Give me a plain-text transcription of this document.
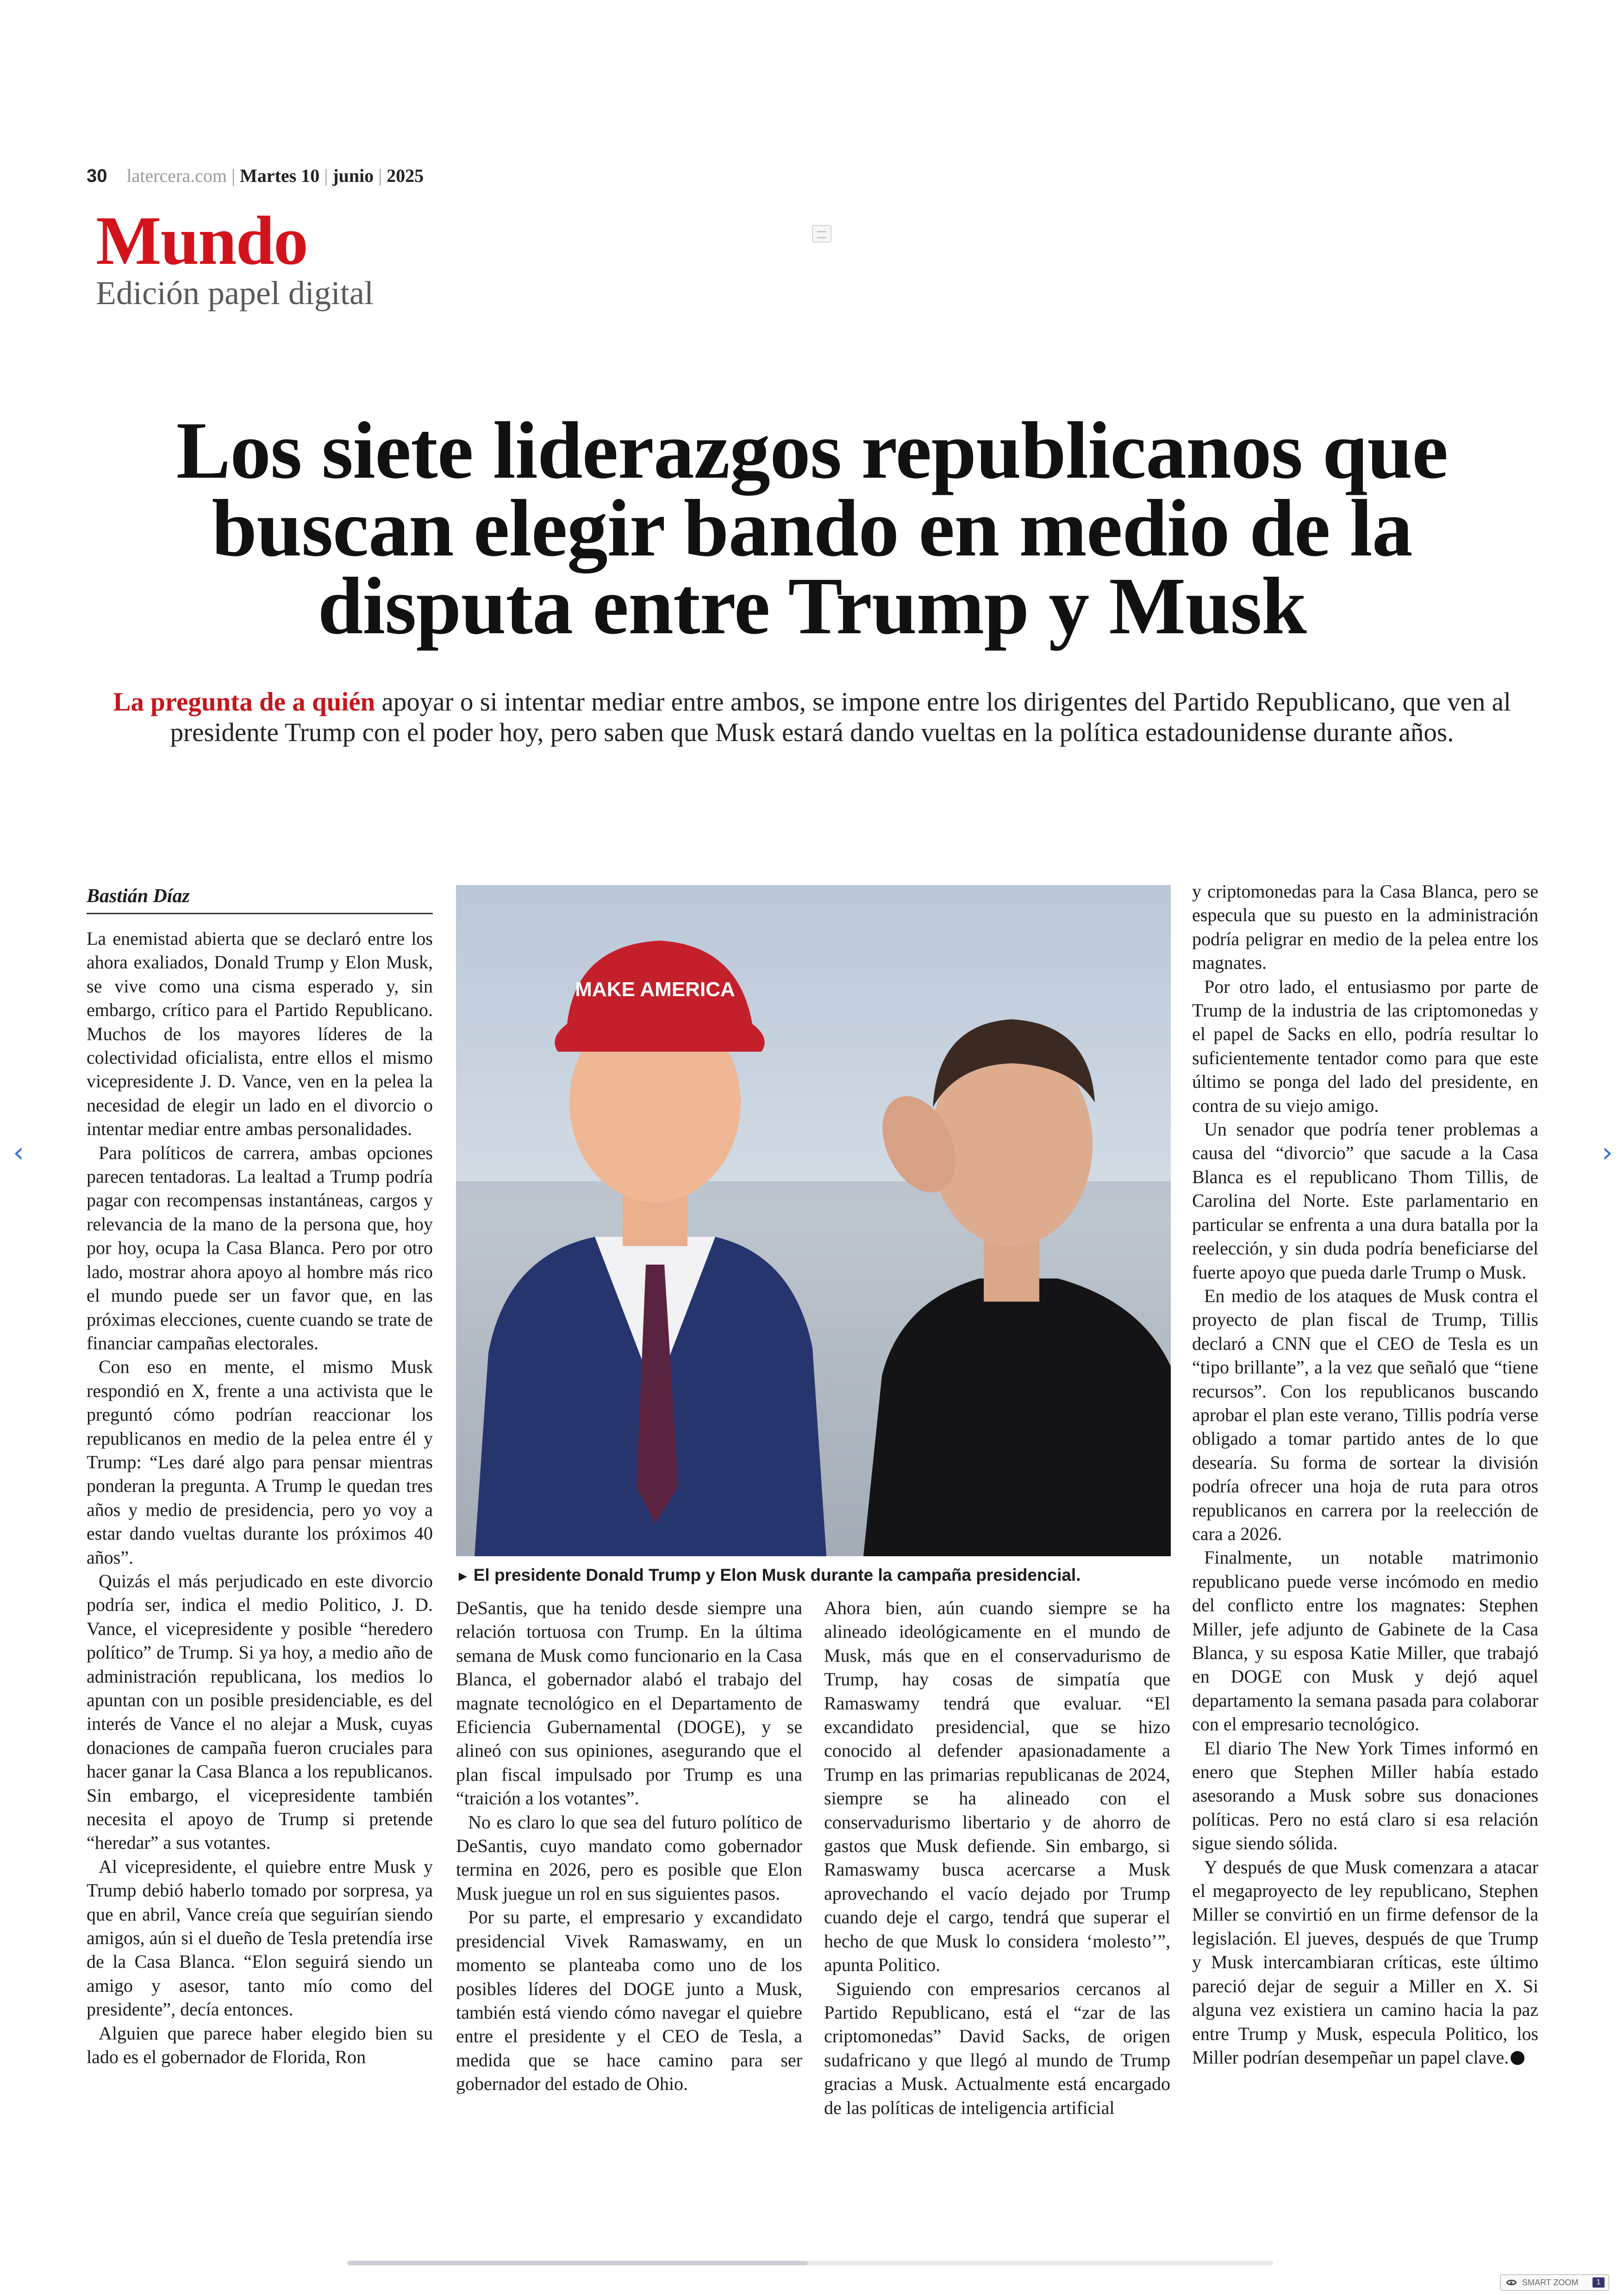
30 latercera.com | Martes 10 | junio | 2025
Mundo
Edición papel digital
Los siete liderazgos republicanos que buscan elegir bando en medio de la disputa entre Trump y Musk
La pregunta de a quién apoyar o si intentar mediar entre ambos, se impone entre los dirigentes del Partido Republicano, que ven al presidente Trump con el poder hoy, pero saben que Musk estará dando vueltas en la política estadounidense durante años.
Bastián Díaz

La enemistad abierta que se declaró entre los ahora exaliados, Donald Trump y Elon Musk, se vive como una cisma esperado y, sin embargo, crítico para el Partido Republicano. Muchos de los mayores líderes de la colectividad oficialista, entre ellos el mismo vicepresidente J. D. Vance, ven en la pelea la necesidad de elegir un lado en el divorcio o intentar mediar entre ambas personalidades.

Para políticos de carrera, ambas opciones parecen tentadoras. La lealtad a Trump podría pagar con recompensas instantáneas, cargos y relevancia de la mano de la persona que, hoy por hoy, ocupa la Casa Blanca. Pero por otro lado, mostrar ahora apoyo al hombre más rico el mundo puede ser un favor que, en las próximas elecciones, cuente cuando se trate de financiar campañas electorales.

Con eso en mente, el mismo Musk respondió en X, frente a una activista que le preguntó cómo podrían reaccionar los republicanos en medio de la pelea entre él y Trump: “Les daré algo para pensar mientras ponderan la pregunta. A Trump le quedan tres años y medio de presidencia, pero yo voy a estar dando vueltas durante los próximos 40 años”.

Quizás el más perjudicado en este divorcio podría ser, indica el medio Politico, J. D. Vance, el vicepresidente y posible “heredero político” de Trump. Si ya hoy, a medio año de administración republicana, los medios lo apuntan con un posible presidenciable, es del interés de Vance el no alejar a Musk, cuyas donaciones de campaña fueron cruciales para hacer ganar la Casa Blanca a los republicanos. Sin embargo, el vicepresidente también necesita el apoyo de Trump si pretende “heredar” a sus votantes.

Al vicepresidente, el quiebre entre Musk y Trump debió haberlo tomado por sorpresa, ya que en abril, Vance creía que seguirían siendo amigos, aún si el dueño de Tesla pretendía irse de la Casa Blanca. “Elon seguirá siendo un amigo y asesor, tanto mío como del presidente”, decía entonces.

Alguien que parece haber elegido bien su lado es el gobernador de Florida, Ron

MAKE AMERICA
► El presidente Donald Trump y Elon Musk durante la campaña presidencial.

DeSantis, que ha tenido desde siempre una relación tortuosa con Trump. En la última semana de Musk como funcionario en la Casa Blanca, el gobernador alabó el trabajo del magnate tecnológico en el Departamento de Eficiencia Gubernamental (DOGE), y se alineó con sus opiniones, asegurando que el plan fiscal impulsado por Trump es una “traición a los votantes”.

No es claro lo que sea del futuro político de DeSantis, cuyo mandato como gobernador termina en 2026, pero es posible que Elon Musk juegue un rol en sus siguientes pasos.

Por su parte, el empresario y excandidato presidencial Vivek Ramaswamy, en un momento se planteaba como uno de los posibles líderes del DOGE junto a Musk, también está viendo cómo navegar el quiebre entre el presidente y el CEO de Tesla, a medida que se hace camino para ser gobernador del estado de Ohio.

Ahora bien, aún cuando siempre se ha alineado ideológicamente en el mundo de Musk, más que en el conservadurismo de Trump, hay cosas de simpatía que Ramaswamy tendrá que evaluar. “El excandidato presidencial, que se hizo conocido al defender apasionadamente a Trump en las primarias republicanas de 2024, siempre se ha alineado con el conservadurismo libertario y de ahorro de gastos que Musk defiende. Sin embargo, si Ramaswamy busca acercarse a Musk aprovechando el vacío dejado por Trump cuando deje el cargo, tendrá que superar el hecho de que Musk lo considera ‘molesto’”, apunta Politico.

Siguiendo con empresarios cercanos al Partido Republicano, está el “zar de las criptomonedas” David Sacks, de origen sudafricano y que llegó al mundo de Trump gracias a Musk. Actualmente está encargado de las políticas de inteligencia artificial

y criptomonedas para la Casa Blanca, pero se especula que su puesto en la administración podría peligrar en medio de la pelea entre los magnates.

Por otro lado, el entusiasmo por parte de Trump de la industria de las criptomonedas y el papel de Sacks en ello, podría resultar lo suficientemente tentador como para que este último se ponga del lado del presidente, en contra de su viejo amigo.

Un senador que podría tener problemas a causa del “divorcio” que sacude a la Casa Blanca es el republicano Thom Tillis, de Carolina del Norte. Este parlamentario en particular se enfrenta a una dura batalla por la reelección, y sin duda podría beneficiarse del fuerte apoyo que pueda darle Trump o Musk.

En medio de los ataques de Musk contra el proyecto de plan fiscal de Trump, Tillis declaró a CNN que el CEO de Tesla es un “tipo brillante”, a la vez que señaló que “tiene recursos”. Con los republicanos buscando aprobar el plan este verano, Tillis podría verse obligado a tomar partido antes de lo que desearía. Su forma de sortear la división podría ofrecer una hoja de ruta para otros republicanos en carrera por la reelección de cara a 2026.

Finalmente, un notable matrimonio republicano puede verse incómodo en medio del conflicto entre los magnates: Stephen Miller, jefe adjunto de Gabinete de la Casa Blanca, y su esposa Katie Miller, que trabajó en DOGE con Musk y dejó aquel departamento la semana pasada para colaborar con el empresario tecnológico.

El diario The New York Times informó en enero que Stephen Miller había estado asesorando a Musk sobre sus donaciones políticas. Pero no está claro si esa relación sigue siendo sólida.

Y después de que Musk comenzara a atacar el megaproyecto de ley republicano, Stephen Miller se convirtió en un firme defensor de la legislación. El jueves, después de que Trump y Musk intercambiaran críticas, este último pareció dejar de seguir a Miller en X. Si alguna vez existiera un camino hacia la paz entre Trump y Musk, especula Politico, los Miller podrían desempeñar un papel clave.

‹	›
SMART ZOOM	1
